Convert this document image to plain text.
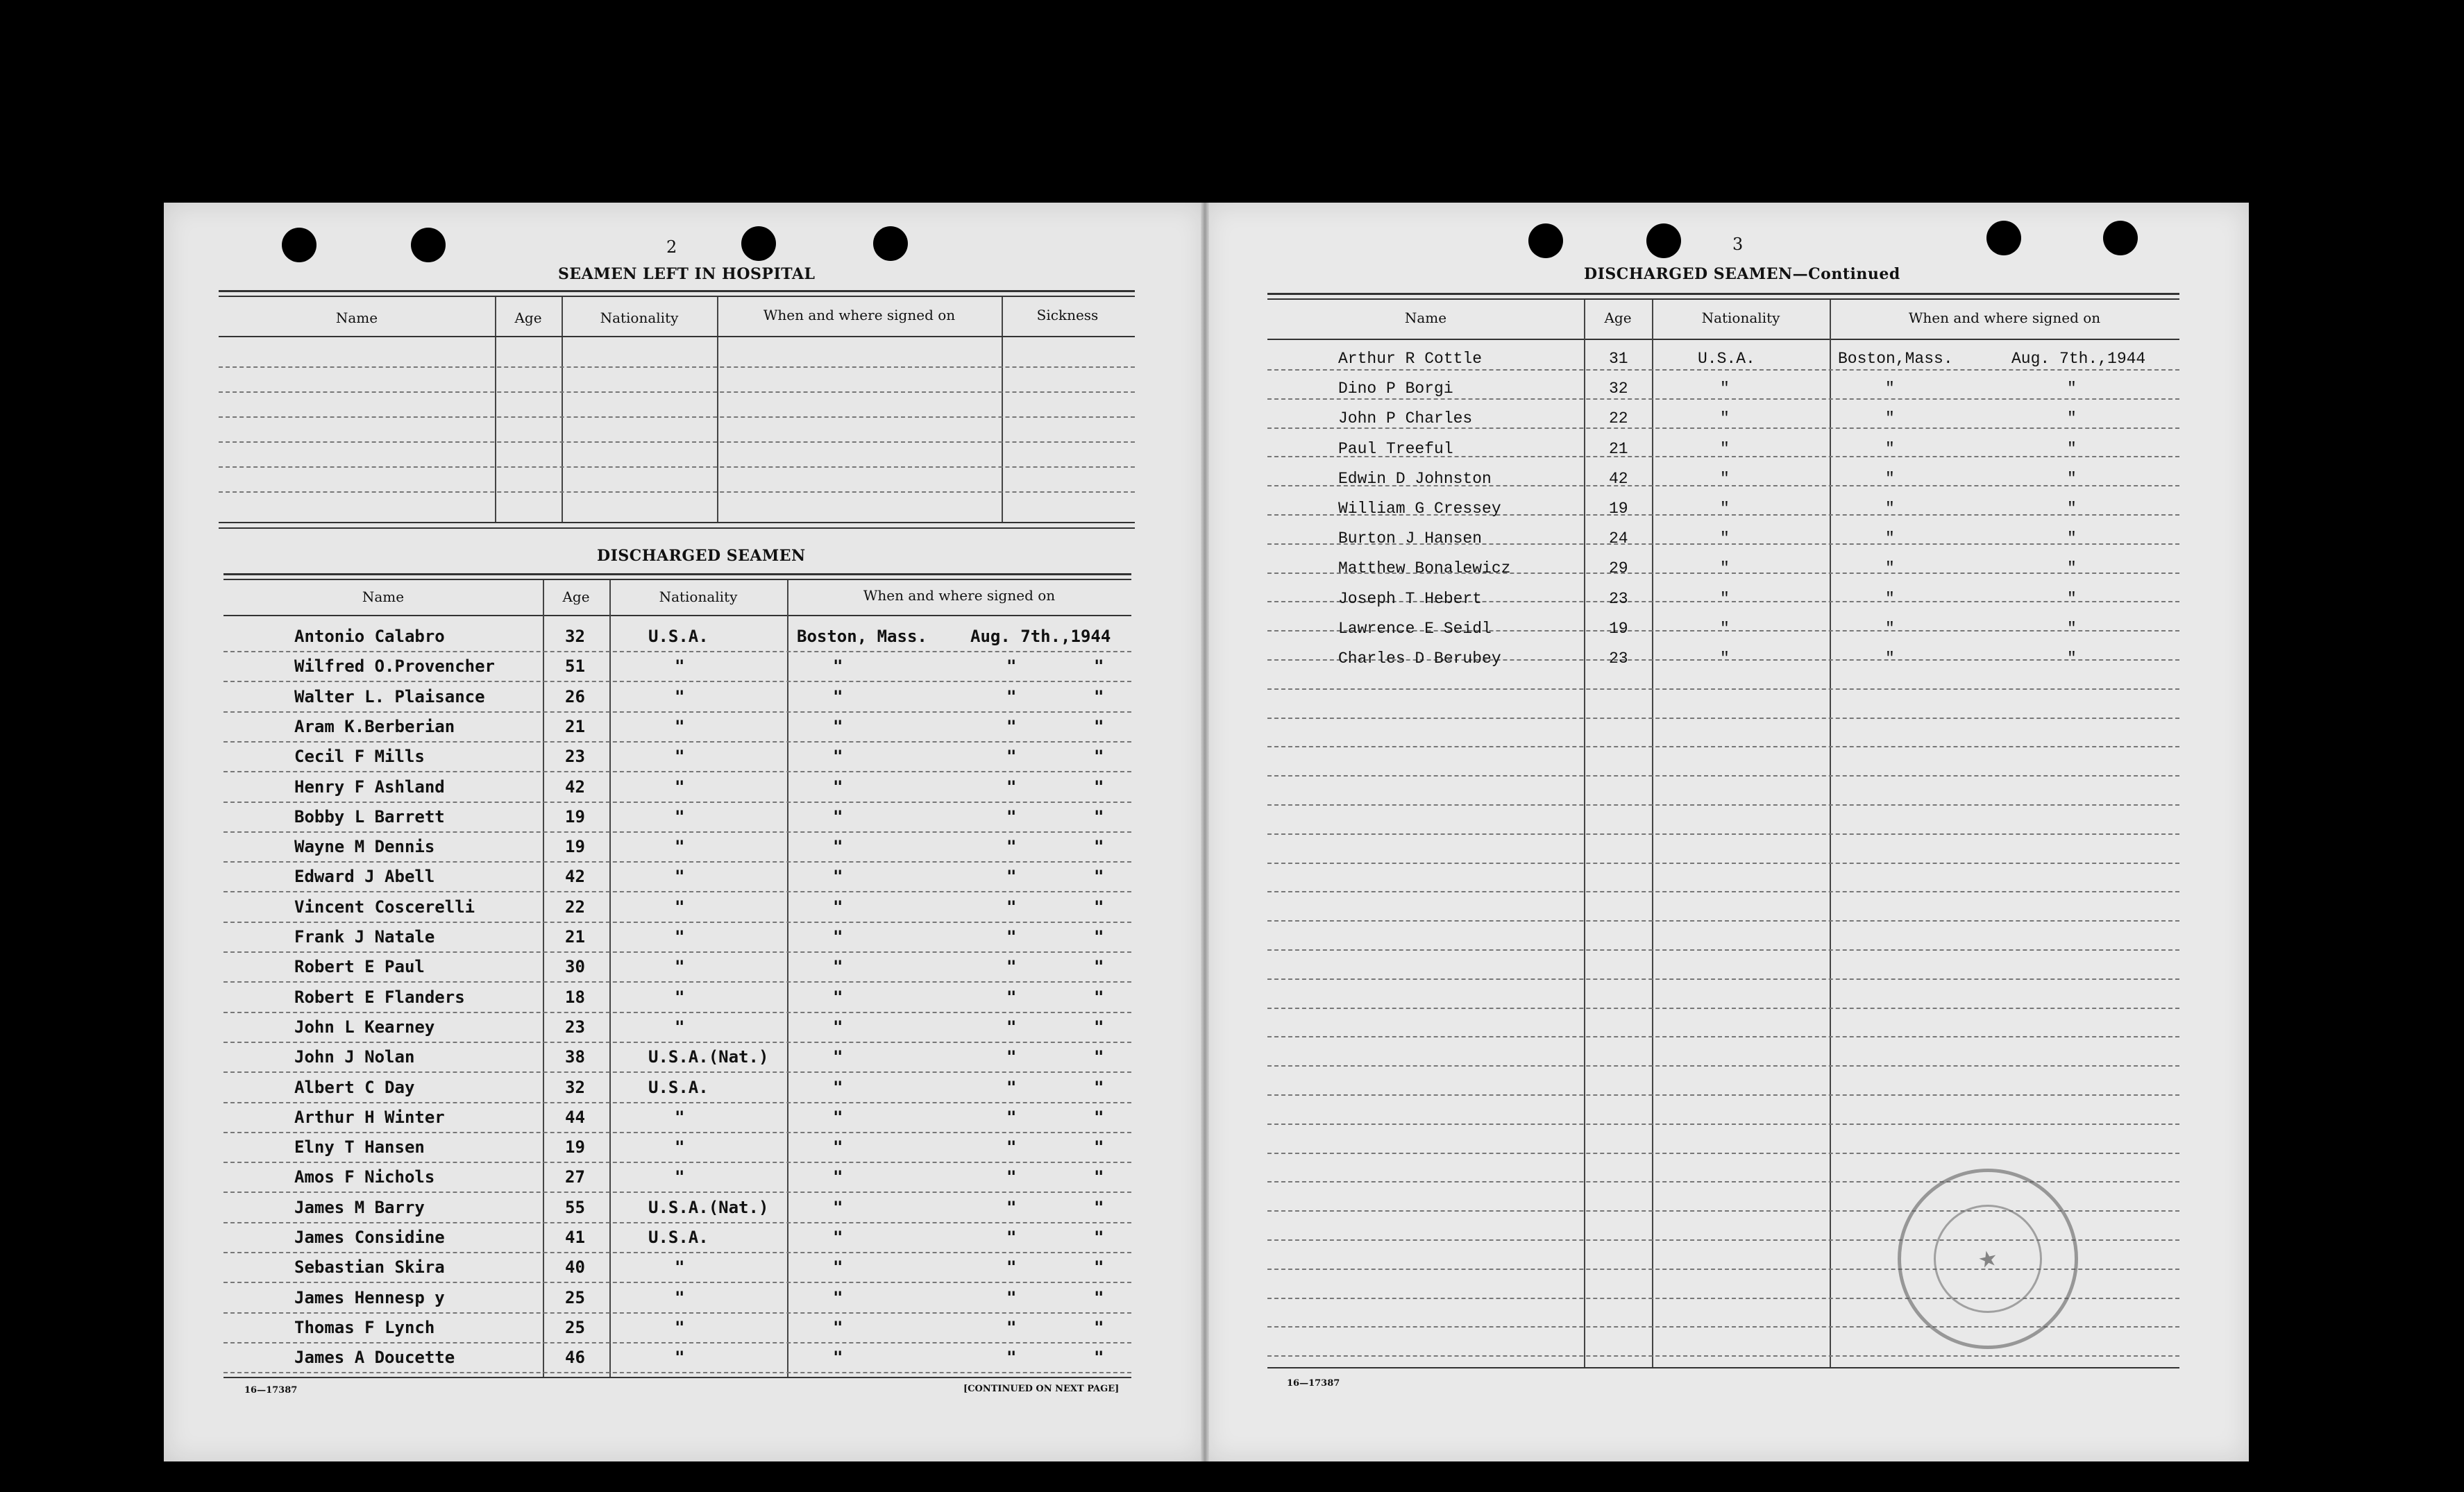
2
SEAMEN LEFT IN HOSPITAL
Name	Age	Nationality	When and where signed on	Sickness
DISCHARGED SEAMEN
Name	Age	Nationality	When and where signed on
Antonio Calabro	32	U.S.A.	Boston, Mass.	Aug. 7th.,1944
Wilfred O.Provencher	51	"	"	"	"
Walter L. Plaisance	26	"	"	"	"
Aram K.Berberian	21	"	"	"	"
Cecil F Mills	23	"	"	"	"
Henry F Ashland	42	"	"	"	"
Bobby L Barrett	19	"	"	"	"
Wayne M Dennis	19	"	"	"	"
Edward J Abell	42	"	"	"	"
Vincent Coscerelli	22	"	"	"	"
Frank J Natale	21	"	"	"	"
Robert E Paul	30	"	"	"	"
Robert E Flanders	18	"	"	"	"
John L Kearney	23	"	"	"	"
John J Nolan	38	U.S.A.(Nat.)	"	"	"
Albert C Day	32	U.S.A.	"	"	"
Arthur H Winter	44	"	"	"	"
Elny T Hansen	19	"	"	"	"
Amos F Nichols	27	"	"	"	"
James M Barry	55	U.S.A.(Nat.)	"	"	"
James Considine	41	U.S.A.	"	"	"
Sebastian Skira	40	"	"	"	"
James Hennesp y	25	"	"	"	"
Thomas F Lynch	25	"	"	"	"
James A Doucette	46	"	"	"	"
16—17387	[CONTINUED ON NEXT PAGE]
3
DISCHARGED SEAMEN—Continued
Name	Age	Nationality	When and where signed on
Arthur R Cottle	31	U.S.A.	Boston,Mass.	Aug. 7th.,1944
Dino P Borgi	32	"	"	"
John P Charles	22	"	"	"
Paul Treeful	21	"	"	"
Edwin D Johnston	42	"	"	"
William G Cressey	19	"	"	"
Burton J Hansen	24	"	"	"
Matthew Bonalewicz	29	"	"	"
Joseph T Hebert	23	"	"	"
Lawrence E Seidl	19	"	"	"
Charles D Berubey	23	"	"	"
16—17387
★
